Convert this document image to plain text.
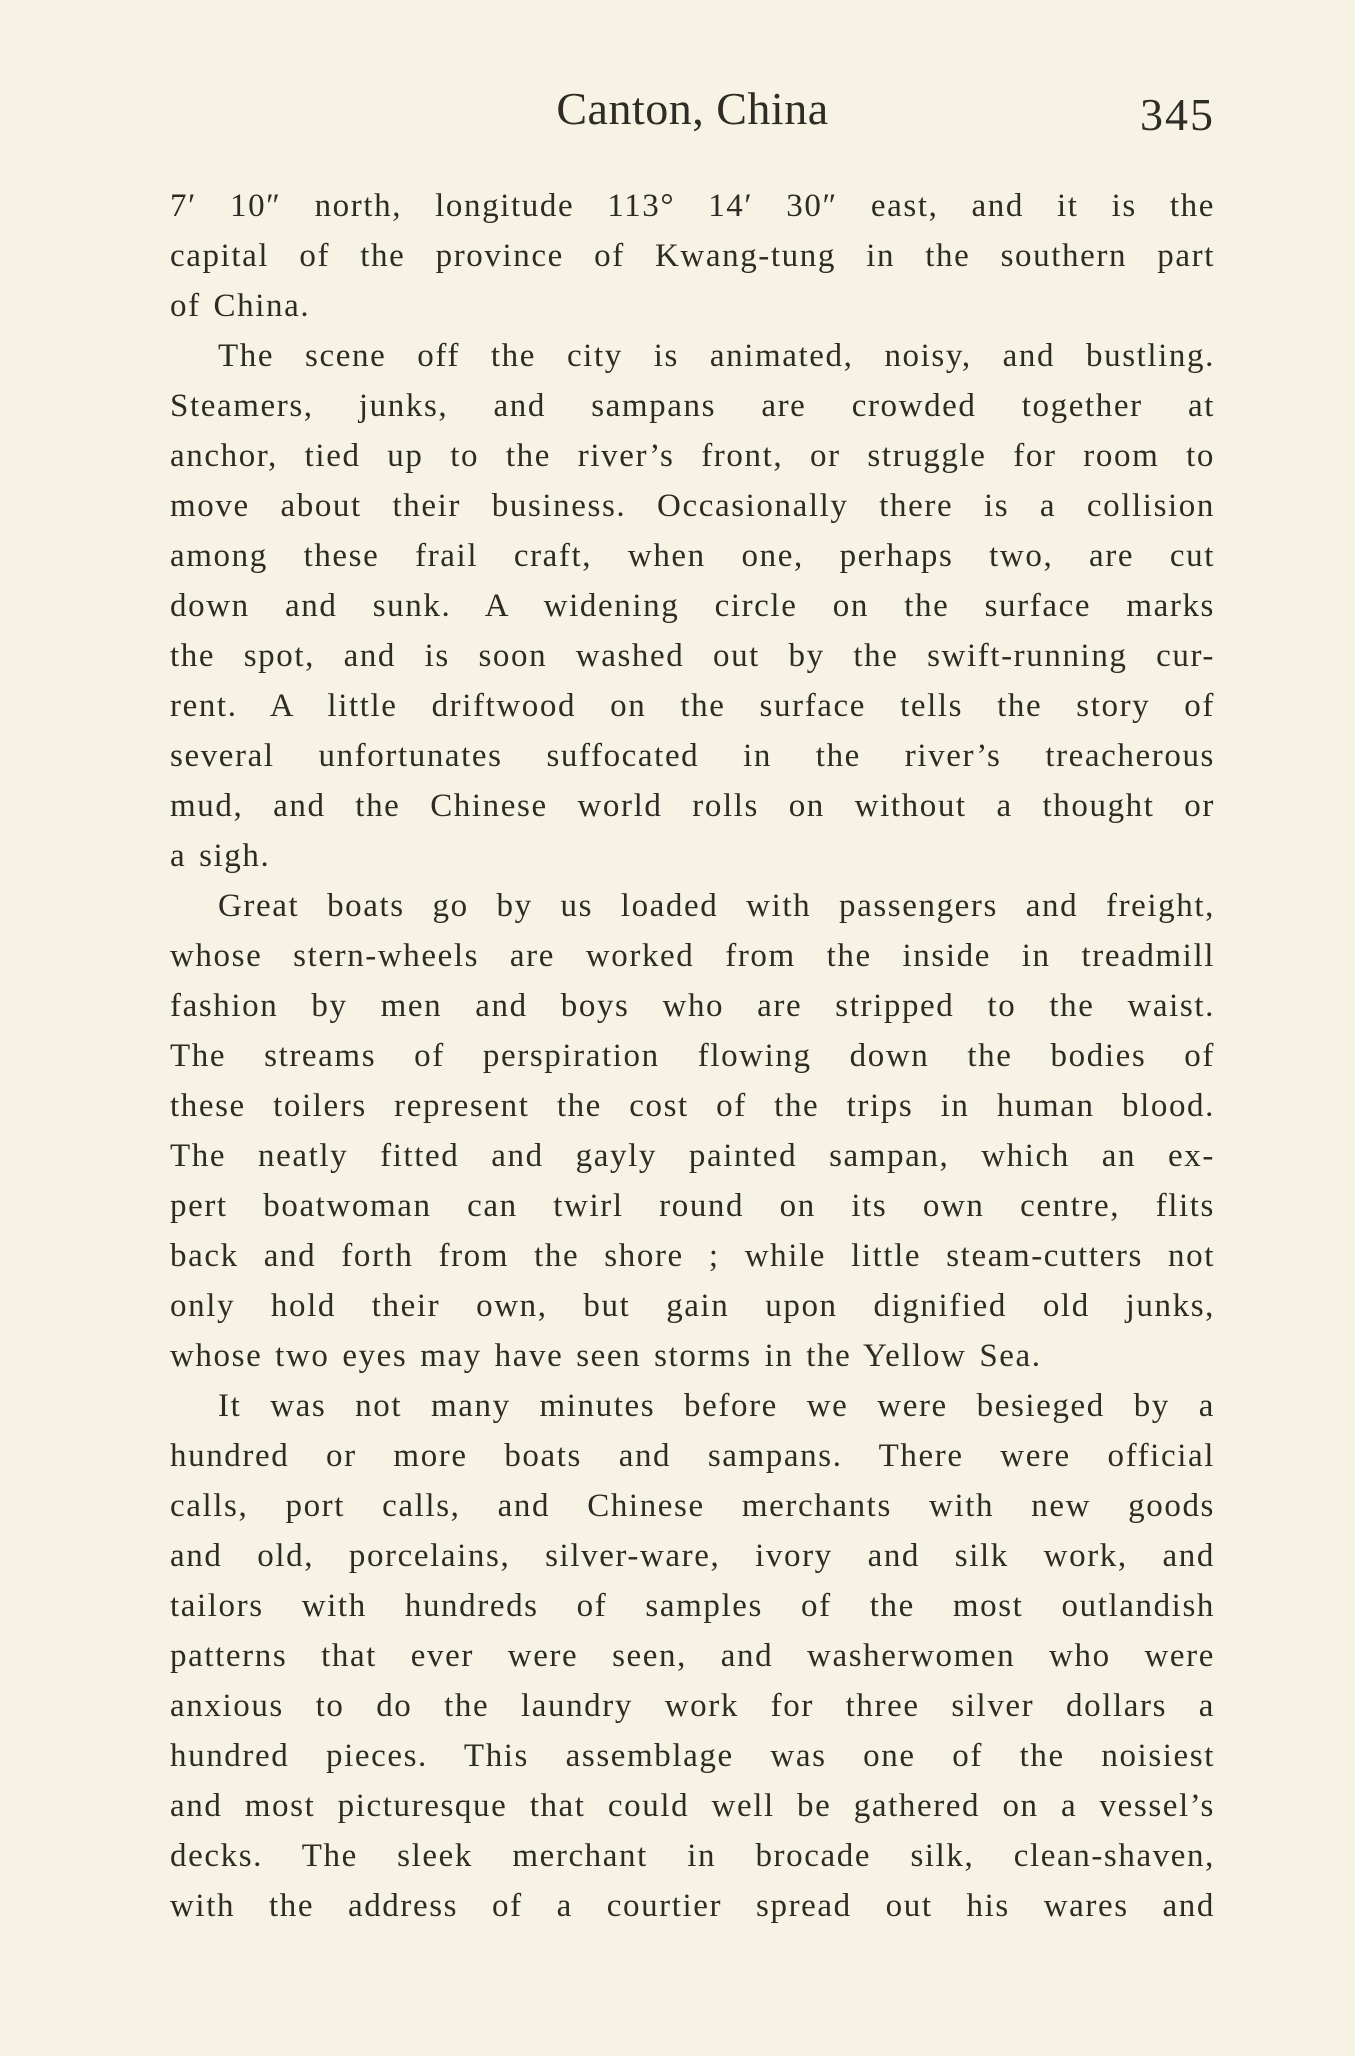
Canton, China	345
7′ 10″ north, longitude 113° 14′ 30″ east, and it is the
capital of the province of Kwang-tung in the southern part
of China.
The scene off the city is animated, noisy, and bustling.
Steamers, junks, and sampans are crowded together at
anchor, tied up to the river’s front, or struggle for room to
move about their business. Occasionally there is a collision
among these frail craft, when one, perhaps two, are cut
down and sunk. A widening circle on the surface marks
the spot, and is soon washed out by the swift-running cur-
rent. A little driftwood on the surface tells the story of
several unfortunates suffocated in the river’s treacherous
mud, and the Chinese world rolls on without a thought or
a sigh.
Great boats go by us loaded with passengers and freight,
whose stern-wheels are worked from the inside in treadmill
fashion by men and boys who are stripped to the waist.
The streams of perspiration flowing down the bodies of
these toilers represent the cost of the trips in human blood.
The neatly fitted and gayly painted sampan, which an ex-
pert boatwoman can twirl round on its own centre, flits
back and forth from the shore ; while little steam-cutters not
only hold their own, but gain upon dignified old junks,
whose two eyes may have seen storms in the Yellow Sea.
It was not many minutes before we were besieged by a
hundred or more boats and sampans. There were official
calls, port calls, and Chinese merchants with new goods
and old, porcelains, silver-ware, ivory and silk work, and
tailors with hundreds of samples of the most outlandish
patterns that ever were seen, and washerwomen who were
anxious to do the laundry work for three silver dollars a
hundred pieces. This assemblage was one of the noisiest
and most picturesque that could well be gathered on a vessel’s
decks. The sleek merchant in brocade silk, clean-shaven,
with the address of a courtier spread out his wares and
